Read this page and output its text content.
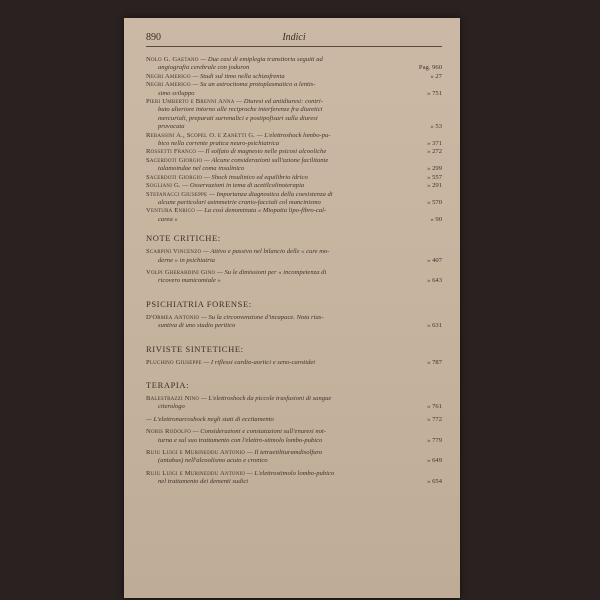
890	Indici
Nolo G. Gaetano — Due casi di emiplegia transitoria seguiti ad
angiografia cerebrale con joduron	Pag. 960
Negri Amerigo — Studi sul timo nella schizofrenia	» 27
Negri Amerigo — Su un astrocitoma protoplasmatico a lentis-
simo sviluppo	» 751
Pieri Umberto e Brenni Anna — Diuresi ed antidiuresi: contri-
buto ulteriore intorno alle reciproche interferenze fra diuretici
mercuriali, preparati surrenalici e postipofisari sulla diuresi
provocata	» 53
Rebassini A., Scopel O. e Zanetti G. — L'elettroshock lombo-pu-
bico nella corrente pratica neuro-psichiatrica	» 371
Rossetti Franco — Il solfato di magnesio nelle psicosi alcooliche	» 272
Sacerdoti Giorgio — Alcune considerazioni sull'azione facilitante
talamoindae nel coma insulinico	» 299
Sacerdoti Giorgio — Shock insulinico ed equilibrio idrico	» 557
Sogliani G. — Osservazioni in tema di acetilcolinoterapia	» 291
Stefanacci Giuseppe — Importanza diagnostica della coesistenza di
alcune particolari asimmetrie cranio-facciali col mancinismo	» 570
Ventura Enrico — La così denominata « Miopatia lipo-fibro-cal-
carea »	» 90
NOTE CRITICHE:
Scarpini Vincenzo — Attivo e passivo nel bilancio delle « cure mo-
derne » in psichiatria	» 407
Volpi Gherardini Gino — Su le dimissioni per « incompetenza di
ricovero manicomiale »	» 643
PSICHIATRIA FORENSE:
D'Ormea Antonio — Su la circonvenzione d'incapace. Nota rias-
suntiva di uno studio peritico	» 631
RIVISTE SINTETICHE:
Pluchino Giuseppe — I riflessi cardio-aortici e seno-carotidei	» 787
TERAPIA:
Balestrazzi Nino — L'elettroshock da piccole trasfusioni di sangue
citerologo	» 761
— L'elettronarcoshock negli stati di eccitamento	» 772
Nobis Rodolfo — Considerazioni e constatazioni sull'enuresi not-
turna e sul suo trattamento con l'elettro-stimolo lombo-pubico	» 779
Ruju Luigi e Murineddu Antonio — Il tetraetiltiuramdisolfuro
(antabus) nell'alcoolismo acuto e cronico	» 649
Ruju Luigi e Murineddu Antonio — L'elettrostimolo lombo-pubico
nel trattamento dei dementi sudici	» 654
